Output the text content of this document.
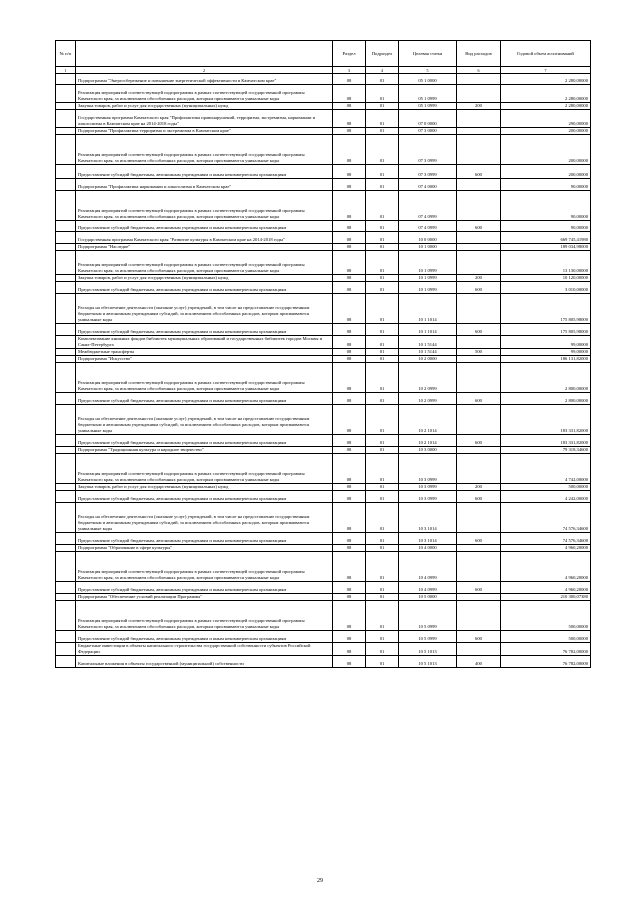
№ п/п		Раздел	Подраздел	Целевая статья	Вид расходов	Годовой объем ассигнований
1	2	3	4	5	6	7
	Подпрограмма "Энергосбережение и повышение энергетической эффективности в Камчатском крае"	08	01	05 1 0000		2 280,00000
	Реализация мероприятий соответствующей подпрограммы в рамках соответствующей государственной программы Камчатского края, за исключением обособленных расходов, которым присваиваются уникальные коды	08	01	05 1 0999		2 280,00000
	Закупка товаров, работ и услуг для государственных (муниципальных) нужд	08	01	05 1 0999	200	2 280,00000
	Государственная программа Камчатского края "Профилактика правонарушений, терроризма, экстремизма, наркомании и алкоголизма в Камчатском крае на 2014-2018 годы"	08	01	07 0 0000		290,00000
	Подпрограмма "Профилактика терроризма и экстремизма в Камчатском крае"	08	01	07 3 0000		200,00000
	Реализация мероприятий соответствующей подпрограммы в рамках соответствующей государственной программы Камчатского края, за исключением обособленных расходов, которым присваиваются уникальные коды	08	01	07 3 0999		200,00000
	Предоставление субсидий бюджетным, автономным учреждениям и иным некоммерческим организациям	08	01	07 3 0999	600	200,00000
	Подпрограмма "Профилактика наркомании и алкоголизма в Камчатском крае"	08	01	07 4 0000		90,00000
	Реализация мероприятий соответствующей подпрограммы в рамках соответствующей государственной программы Камчатского края, за исключением обособленных расходов, которым присваиваются уникальные коды	08	01	07 4 0999		90,00000
	Предоставление субсидий бюджетным, автономным учреждениям и иным некоммерческим организациям	08	01	07 4 0999	600	90,00000
	Государственная программа Камчатского края "Развитие культуры в Камчатском крае на 2014-2018 годы"	08	01	10 0 0000		669 745,41980
	Подпрограмма "Наследие"	08	01	10 1 0000		189 034,98000
	Реализация мероприятий соответствующей подпрограммы в рамках соответствующей государственной программы Камчатского края, за исключением обособленных расходов, которым присваиваются уникальные коды	08	01	10 1 0999		13 130,00000
	Закупка товаров, работ и услуг для государственных (муниципальных) нужд	08	01	10 1 0999	200	10 120,00000
	Предоставление субсидий бюджетным, автономным учреждениям и иным некоммерческим организациям	08	01	10 1 0999	600	3 010,00000
	Расходы на обеспечение деятельности (оказание услуг) учреждений, в том числе на предоставление государственным бюджетным и автономным учреждениям субсидий, за исключением обособленных расходов, которым присваиваются уникальные коды	08	01	10 1 1014		175 805,98000
	Предоставление субсидий бюджетным, автономным учреждениям и иным некоммерческим организациям	08	01	10 1 1014	600	175 805,98000
	Комплектование книжных фондов библиотек муниципальных образований и государственных библиотек городов Москвы и Санкт-Петербурга	08	01	10 1 5144		99,00000
	Межбюджетные трансферты	08	01	10 1 5144	500	99,00000
	Подпрограмма "Искусство"	08	01	10 2 0000		186 131,82000
	Реализация мероприятий соответствующей подпрограммы в рамках соответствующей государственной программы Камчатского края, за исключением обособленных расходов, которым присваиваются уникальные коды	08	01	10 2 0999		2 800,00000
	Предоставление субсидий бюджетным, автономным учреждениям и иным некоммерческим организациям	08	01	10 2 0999	600	2 800,00000
	Расходы на обеспечение деятельности (оказание услуг) учреждений, в том числе на предоставление государственным бюджетным и автономным учреждениям субсидий, за исключением обособленных расходов, которым присваиваются уникальные коды	08	01	10 2 1014		183 331,82000
	Предоставление субсидий бюджетным, автономным учреждениям и иным некоммерческим организациям	08	01	10 2 1014	600	183 331,82000
	Подпрограмма "Традиционная культура и народное творчество"	08	01	10 3 0000		79 318,34600
	Реализация мероприятий соответствующей подпрограммы в рамках соответствующей государственной программы Камчатского края, за исключением обособленных расходов, которым присваиваются уникальные коды	08	01	10 3 0999		4 742,00000
	Закупка товаров, работ и услуг для государственных (муниципальных) нужд	08	01	10 3 0999	200	500,00000
	Предоставление субсидий бюджетным, автономным учреждениям и иным некоммерческим организациям	08	01	10 3 0999	600	4 242,00000
	Расходы на обеспечение деятельности (оказание услуг) учреждений, в том числе на предоставление государственным бюджетным и автономным учреждениям субсидий, за исключением обособленных расходов, которым присваиваются уникальные коды	08	01	10 3 1014		74 576,34600
	Предоставление субсидий бюджетным, автономным учреждениям и иным некоммерческим организациям	08	01	10 3 1014	600	74 576,34600
	Подпрограмма "Образование в сфере культуры"	08	01	10 4 0000		4 960,20000
	Реализация мероприятий соответствующей подпрограммы в рамках соответствующей государственной программы Камчатского края, за исключением обособленных расходов, которым присваиваются уникальные коды	08	01	10 4 0999		4 960,20000
	Предоставление субсидий бюджетным, автономным учреждениям и иным некоммерческим организациям	08	01	10 4 0999	600	4 960,20000
	Подпрограмма "Обеспечение условий реализации Программы"	08	01	10 5 0000		210 300,07380
	Реализация мероприятий соответствующей подпрограммы в рамках соответствующей государственной программы Камчатского края, за исключением обособленных расходов, которым присваиваются уникальные коды	08	01	10 5 0999		500,00000
	Предоставление субсидий бюджетным, автономным учреждениям и иным некоммерческим организациям	08	01	10 5 0999	600	500,00000
	Бюджетные инвестиции в объекты капитального строительства государственной собственности субъектов Российской Федерации	08	01	10 5 1013		76 782,00000
	Капитальные вложения в объекты государственной (муниципальной) собственности	08	01	10 5 1013	400	76 782,00000
29
